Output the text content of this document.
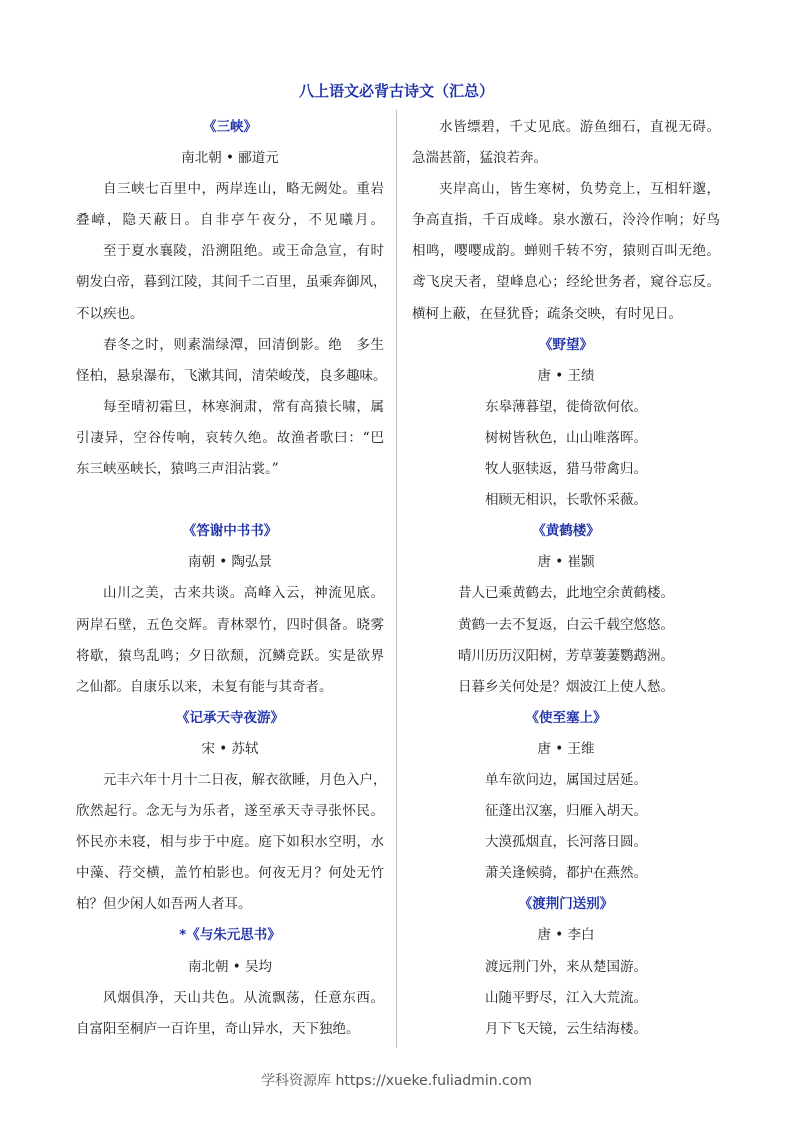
八上语文必背古诗文（汇总）
《三峡》
南北朝 • 郦道元
自三峡七百里中，两岸连山，略无阙处。重岩
叠嶂，隐天蔽日。自非亭午夜分，不见曦月。
至于夏水襄陵，沿溯阻绝。或王命急宣，有时
朝发白帝，暮到江陵，其间千二百里，虽乘奔御风，
不以疾也。
春冬之时，则素湍绿潭，回清倒影。绝　多生
怪柏，悬泉瀑布，飞漱其间，清荣峻茂，良多趣味。
每至晴初霜旦，林寒涧肃，常有高猿长啸，属
引凄异，空谷传响，哀转久绝。故渔者歌曰：“巴
东三峡巫峡长，猿鸣三声泪沾裳。”
《答谢中书书》
南朝 • 陶弘景
山川之美，古来共谈。高峰入云，神流见底。
两岸石壁，五色交辉。青林翠竹，四时俱备。晓雾
将歇，猿鸟乱鸣；夕日欲颓，沉鳞竞跃。实是欲界
之仙都。自康乐以来，未复有能与其奇者。
《记承天寺夜游》
宋 • 苏轼
元丰六年十月十二日夜，解衣欲睡，月色入户，
欣然起行。念无与为乐者，遂至承天寺寻张怀民。
怀民亦未寝，相与步于中庭。庭下如积水空明，水
中藻、荇交横，盖竹柏影也。何夜无月？何处无竹
柏？但少闲人如吾两人者耳。
*《与朱元思书》
南北朝 • 吴均
风烟俱净，天山共色。从流飘荡，任意东西。
自富阳至桐庐一百许里，奇山异水，天下独绝。
水皆缥碧，千丈见底。游鱼细石，直视无碍。
急湍甚箭，猛浪若奔。
夹岸高山，皆生寒树，负势竞上，互相轩邈，
争高直指，千百成峰。泉水激石，泠泠作响；好鸟
相鸣，嘤嘤成韵。蝉则千转不穷，猿则百叫无绝。
鸢飞戾天者，望峰息心；经纶世务者，窥谷忘反。
横柯上蔽，在昼犹昏；疏条交映，有时见日。
《野望》
唐 • 王绩
东皋薄暮望，徙倚欲何依。
树树皆秋色，山山唯落晖。
牧人驱犊返，猎马带禽归。
相顾无相识，长歌怀采薇。
《黄鹤楼》
唐 • 崔颢
昔人已乘黄鹤去，此地空余黄鹤楼。
黄鹤一去不复返，白云千载空悠悠。
晴川历历汉阳树，芳草萋萋鹦鹉洲。
日暮乡关何处是？烟波江上使人愁。
《使至塞上》
唐 • 王维
单车欲问边，属国过居延。
征蓬出汉塞，归雁入胡天。
大漠孤烟直，长河落日圆。
萧关逢候骑，都护在燕然。
《渡荆门送别》
唐 • 李白
渡远荆门外，来从楚国游。
山随平野尽，江入大荒流。
月下飞天镜，云生结海楼。
学科资源库 https://xueke.fuliadmin.com
